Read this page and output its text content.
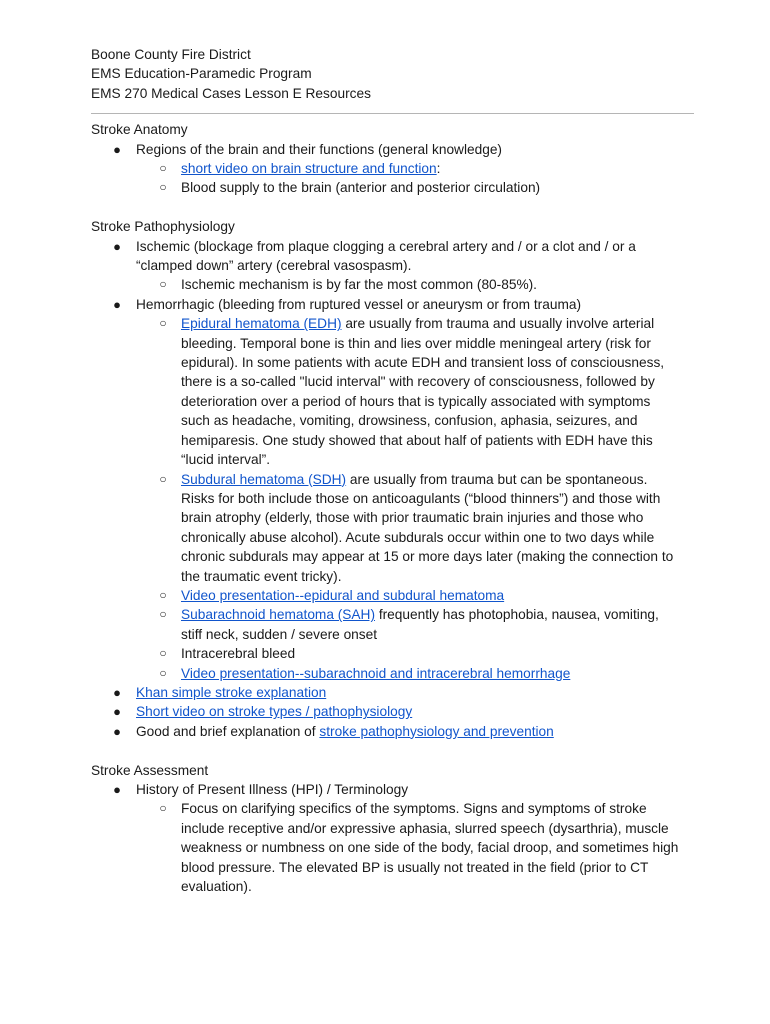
Boone County Fire District
EMS Education-Paramedic Program
EMS 270 Medical Cases Lesson E Resources
Stroke Anatomy
● Regions of the brain and their functions (general knowledge)
○ short video on brain structure and function:
○ Blood supply to the brain (anterior and posterior circulation)
Stroke Pathophysiology
● Ischemic (blockage from plaque clogging a cerebral artery and / or a clot and / or a “clamped down” artery (cerebral vasospasm).
○ Ischemic mechanism is by far the most common (80-85%).
● Hemorrhagic (bleeding from ruptured vessel or aneurysm or from trauma)
○ Epidural hematoma (EDH) are usually from trauma and usually involve arterial bleeding. Temporal bone is thin and lies over middle meningeal artery (risk for epidural). In some patients with acute EDH and transient loss of consciousness, there is a so-called "lucid interval" with recovery of consciousness, followed by deterioration over a period of hours that is typically associated with symptoms such as headache, vomiting, drowsiness, confusion, aphasia, seizures, and hemiparesis. One study showed that about half of patients with EDH have this “lucid interval”.
○ Subdural hematoma (SDH) are usually from trauma but can be spontaneous. Risks for both include those on anticoagulants (“blood thinners”) and those with brain atrophy (elderly, those with prior traumatic brain injuries and those who chronically abuse alcohol). Acute subdurals occur within one to two days while chronic subdurals may appear at 15 or more days later (making the connection to the traumatic event tricky).
○ Video presentation--epidural and subdural hematoma
○ Subarachnoid hematoma (SAH) frequently has photophobia, nausea, vomiting, stiff neck, sudden / severe onset
○ Intracerebral bleed
○ Video presentation--subarachnoid and intracerebral hemorrhage
● Khan simple stroke explanation
● Short video on stroke types / pathophysiology
● Good and brief explanation of stroke pathophysiology and prevention
Stroke Assessment
● History of Present Illness (HPI) / Terminology
○ Focus on clarifying specifics of the symptoms. Signs and symptoms of stroke include receptive and/or expressive aphasia, slurred speech (dysarthria), muscle weakness or numbness on one side of the body, facial droop, and sometimes high blood pressure. The elevated BP is usually not treated in the field (prior to CT evaluation).
